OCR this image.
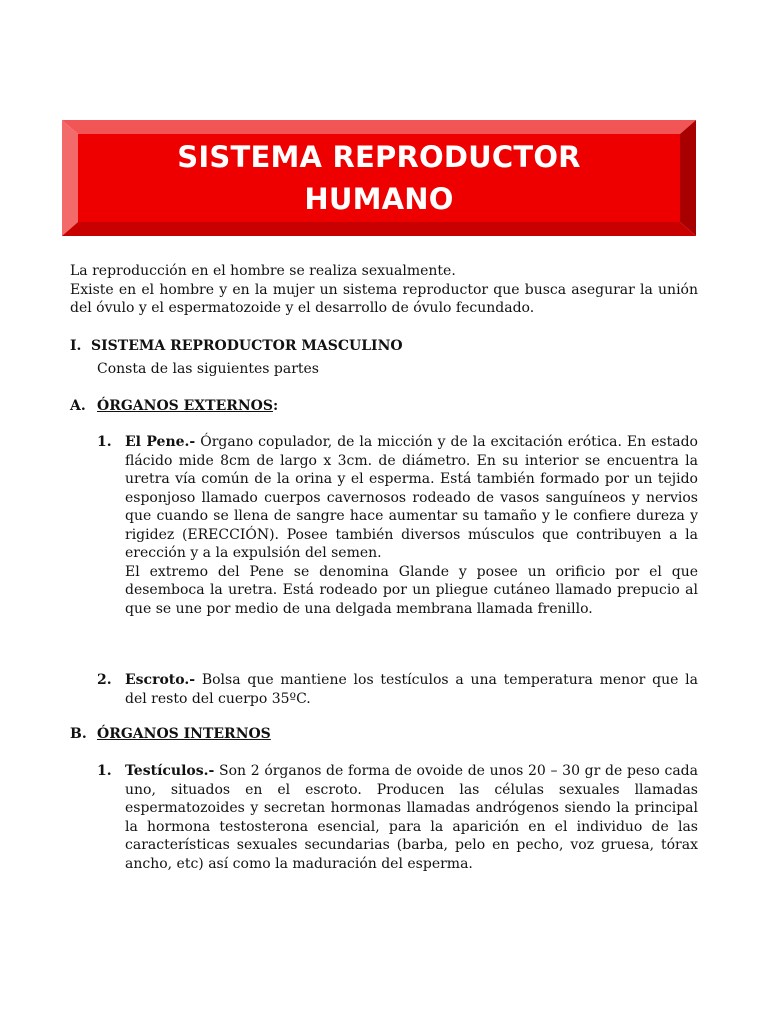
SISTEMA REPRODUCTOR
HUMANO

La reproducción en el hombre se realiza sexualmente.

Existe en el hombre y en la mujer un sistema reproductor que busca asegurar la unión del óvulo y el espermatozoide y el desarrollo de óvulo fecundado.

I. SISTEMA REPRODUCTOR MASCULINO
Consta de las siguientes partes
A. ÓRGANOS EXTERNOS:
1. El Pene.- Órgano copulador, de la micción y de la excitación erótica. En estado flácido mide 8cm de largo x 3cm. de diámetro. En su interior se encuentra la uretra vía común de la orina y el esperma. Está también formado por un tejido esponjoso llamado cuerpos cavernosos rodeado de vasos sanguíneos y nervios que cuando se llena de sangre hace aumentar su tamaño y le confiere dureza y rigidez (ERECCIÓN). Posee también diversos músculos que contribuyen a la erección y a la expulsión del semen.

El extremo del Pene se denomina Glande y posee un orificio por el que desemboca la uretra. Está rodeado por un pliegue cutáneo llamado prepucio al que se une por medio de una delgada membrana llamada frenillo.

2. Escroto.- Bolsa que mantiene los testículos a una temperatura menor que la del resto del cuerpo 35ºC.

B. ÓRGANOS INTERNOS
1. Testículos.- Son 2 órganos de forma de ovoide de unos 20 – 30 gr de peso cada uno, situados en el escroto. Producen las células sexuales llamadas espermatozoides y secretan hormonas llamadas andrógenos siendo la principal la hormona testosterona esencial, para la aparición en el individuo de las características sexuales secundarias (barba, pelo en pecho, voz gruesa, tórax ancho, etc) así como la maduración del esperma.
